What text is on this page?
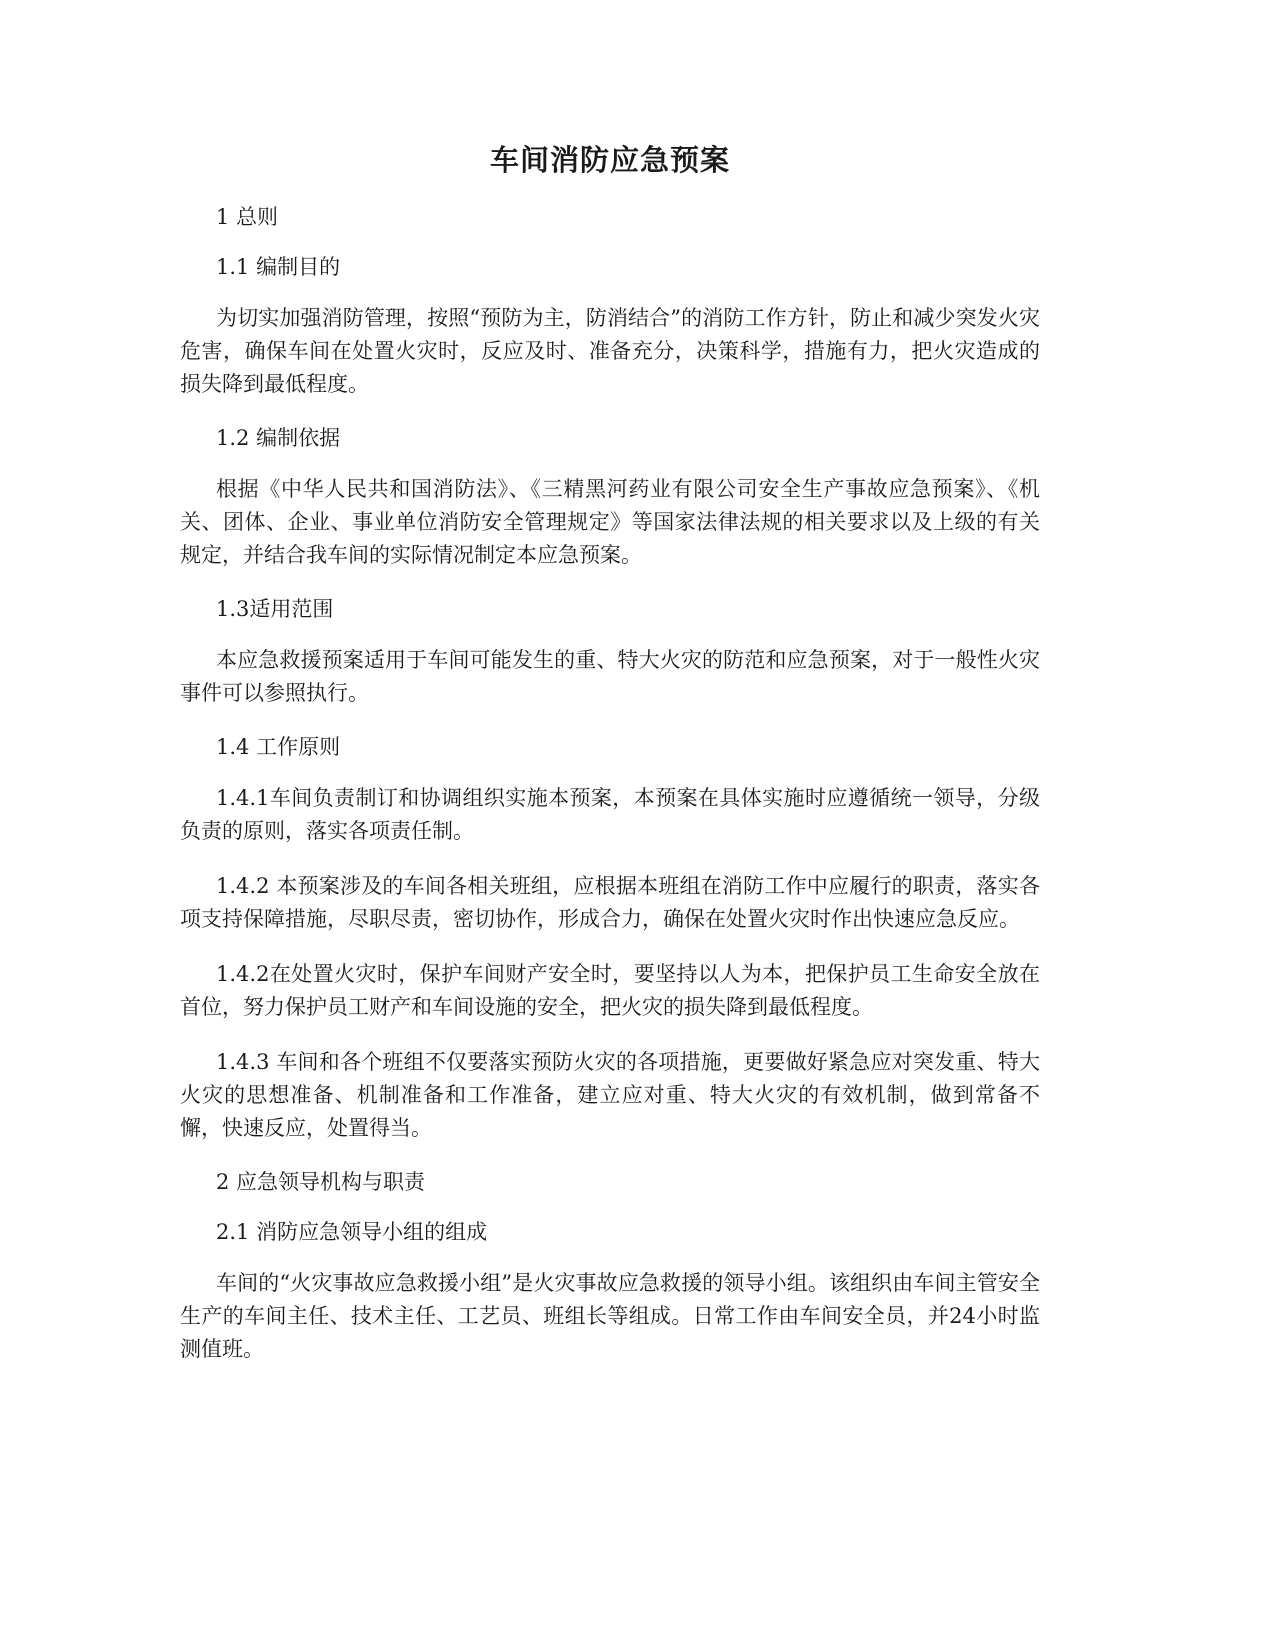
车间消防应急预案

1 总则

1.1 编制目的

为切实加强消防管理，按照“预防为主，防消结合”的消防工作方针，防止和减少突发火灾危害，确保车间在处置火灾时，反应及时、准备充分，决策科学，措施有力，把火灾造成的损失降到最低程度。

1.2 编制依据

根据《中华人民共和国消防法》、《三精黑河药业有限公司安全生产事故应急预案》、《机关、团体、企业、事业单位消防安全管理规定》等国家法律法规的相关要求以及上级的有关规定，并结合我车间的实际情况制定本应急预案。

1.3适用范围

本应急救援预案适用于车间可能发生的重、特大火灾的防范和应急预案，对于一般性火灾事件可以参照执行。

1.4 工作原则

1.4.1车间负责制订和协调组织实施本预案，本预案在具体实施时应遵循统一领导，分级负责的原则，落实各项责任制。

1.4.2 本预案涉及的车间各相关班组，应根据本班组在消防工作中应履行的职责，落实各项支持保障措施，尽职尽责，密切协作，形成合力，确保在处置火灾时作出快速应急反应。

1.4.2在处置火灾时，保护车间财产安全时，要坚持以人为本，把保护员工生命安全放在首位，努力保护员工财产和车间设施的安全，把火灾的损失降到最低程度。

1.4.3 车间和各个班组不仅要落实预防火灾的各项措施，更要做好紧急应对突发重、特大火灾的思想准备、机制准备和工作准备，建立应对重、特大火灾的有效机制，做到常备不懈，快速反应，处置得当。

2 应急领导机构与职责

2.1 消防应急领导小组的组成

车间的“火灾事故应急救援小组”是火灾事故应急救援的领导小组。该组织由车间主管安全生产的车间主任、技术主任、工艺员、班组长等组成。日常工作由车间安全员，并24小时监测值班。
